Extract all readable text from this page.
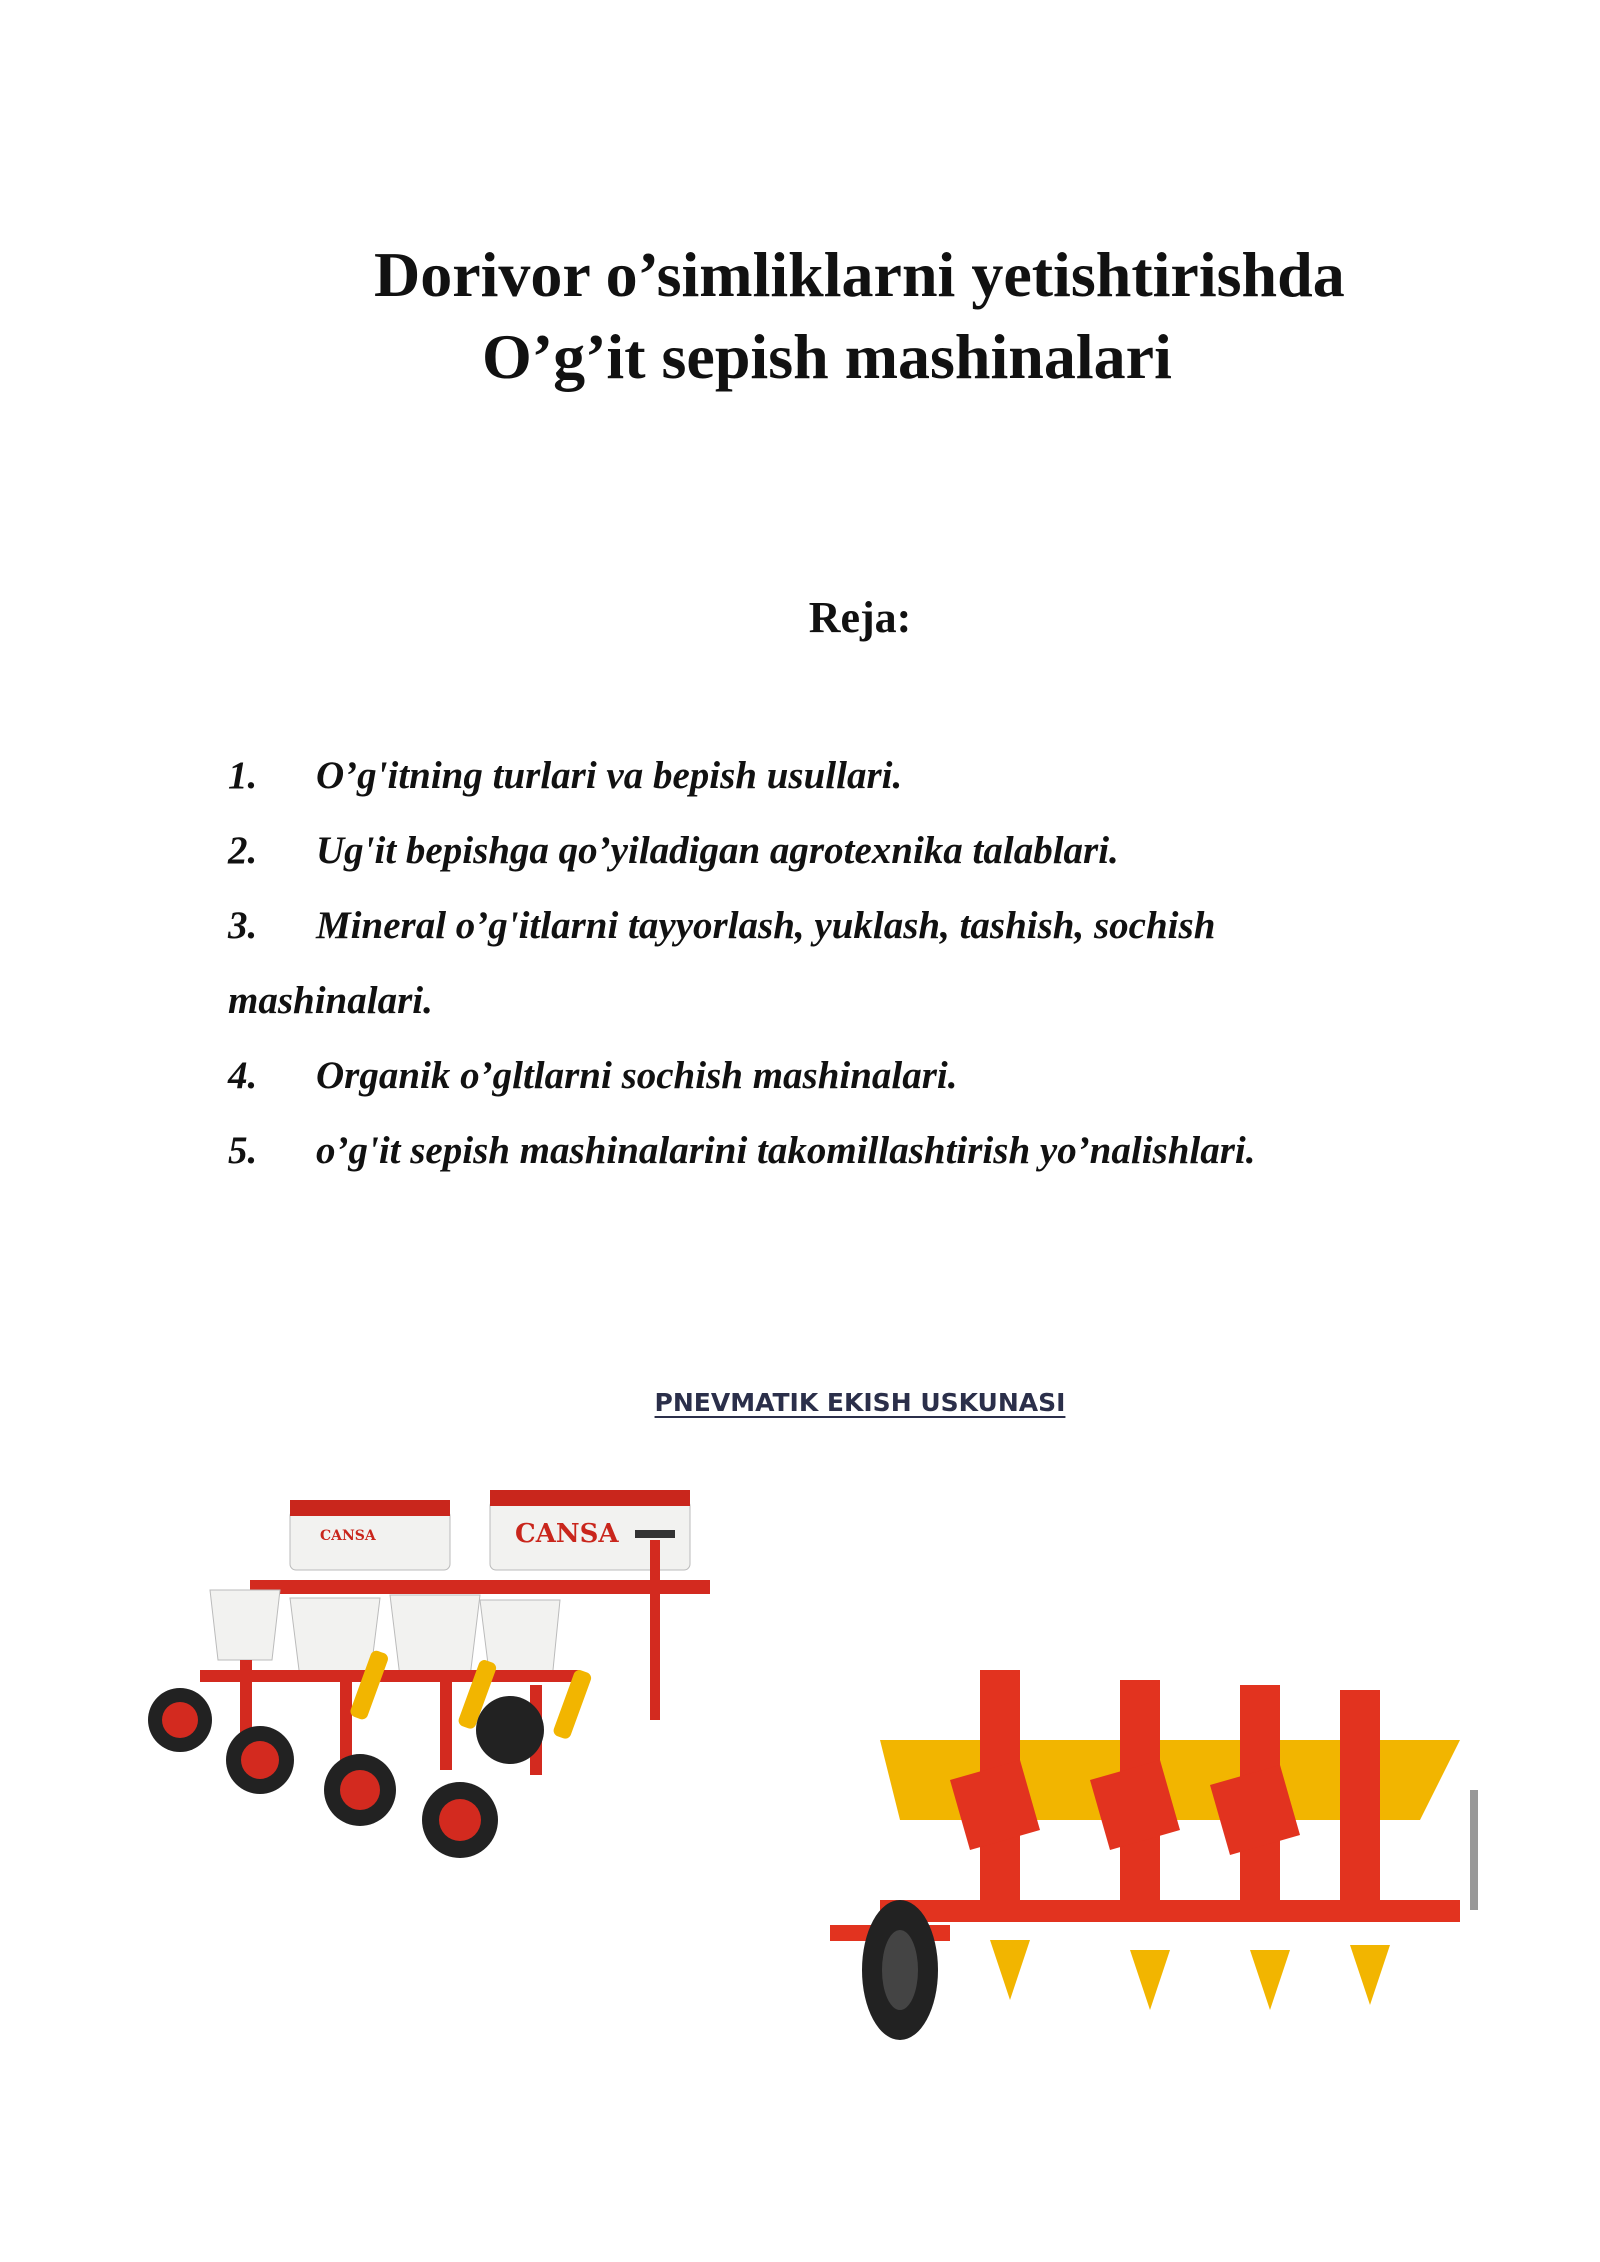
Dorivor o’simliklarni yetishtirishda
O’g’it sepish mashinalari
Reja:
1. O’g'itning turlari va bepish usullari.
2. Ug'it bepishga qo’yiladigan agrotexnika talablari.
3. Mineral o’g'itlarni tayyorlash, yuklash, tashish, sochish
mashinalari.
4. Organik o’gltlarni sochish mashinalari.
5. o’g'it sepish mashinalarini takomillashtirish yo’nalishlari.
PNEVMATIK EKISH USKUNASI
CANSA	CANSA
